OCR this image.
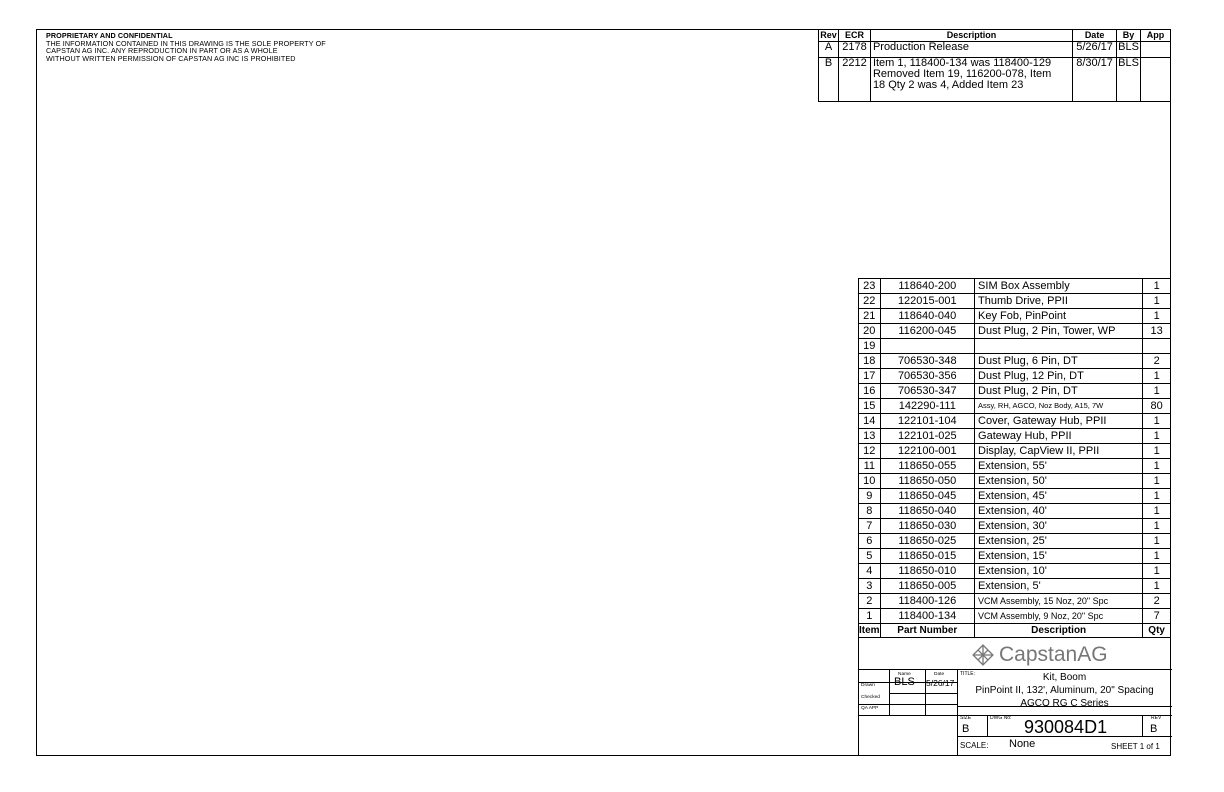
PROPRIETARY AND CONFIDENTIAL
THE INFORMATION CONTAINED IN THIS DRAWING IS THE SOLE PROPERTY OF
CAPSTAN AG INC. ANY REPRODUCTION IN PART OR AS A WHOLE
WITHOUT WRITTEN PERMISSION OF CAPSTAN AG INC IS PROHIBITED
Rev	ECR	Description	Date	By	App
A	2178	Production Release	5/26/17	BLS	
B	2212	Item 1, 118400-134 was 118400-129
Removed Item 19, 116200-078, Item
18 Qty 2 was 4, Added Item 23	8/30/17	BLS	
23	118640-200	SIM Box Assembly	1
22	122015-001	Thumb Drive, PPII	1
21	118640-040	Key Fob, PinPoint	1
20	116200-045	Dust Plug, 2 Pin, Tower, WP	13
19			
18	706530-348	Dust Plug, 6 Pin, DT	2
17	706530-356	Dust Plug, 12 Pin, DT	1
16	706530-347	Dust Plug, 2 Pin, DT	1
15	142290-111	Assy, RH, AGCO, Noz Body, A15, 7W	80
14	122101-104	Cover, Gateway Hub, PPII	1
13	122101-025	Gateway Hub, PPII	1
12	122100-001	Display, CapView II, PPII	1
11	118650-055	Extension, 55'	1
10	118650-050	Extension, 50'	1
9	118650-045	Extension, 45'	1
8	118650-040	Extension, 40'	1
7	118650-030	Extension, 30'	1
6	118650-025	Extension, 25'	1
5	118650-015	Extension, 15'	1
4	118650-010	Extension, 10'	1
3	118650-005	Extension, 5'	1
2	118400-126	VCM Assembly, 15 Noz, 20" Spc	2
1	118400-134	VCM Assembly, 9 Noz, 20" Spc	7
Item	Part Number	Description	Qty
CapstanAG
Name	Date
Drawn
Checked
QA APP
BLS 5/26/17
TITLE:	Kit, Boom
PinPoint II, 132', Aluminum, 20" Spacing
AGCO RG C Series
SIZE
B
DWG No: 930084D1	REV
B
SCALE: None	SHEET 1 of 1
